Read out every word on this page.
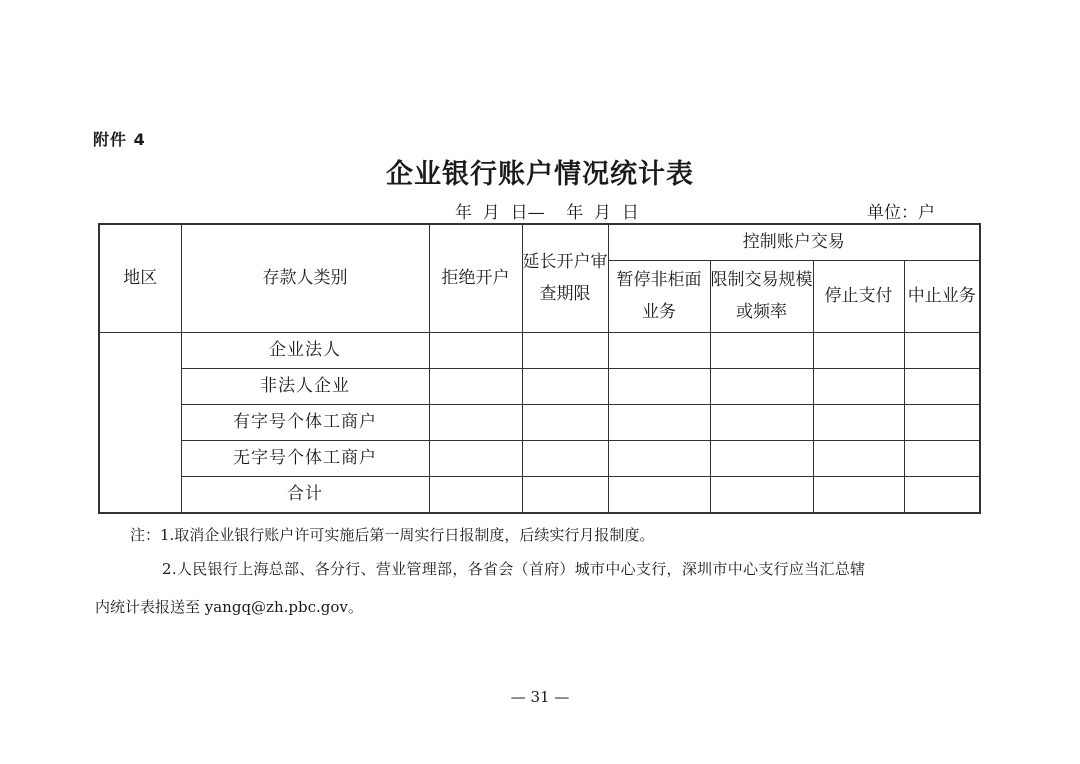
附件 4
企业银行账户情况统计表
年  月  日—    年  月  日	单位：户
地区	存款人类别	拒绝开户	延长开户审查期限	控制账户交易			
				暂停非柜面业务	限制交易规模或频率	停止支付	中止业务
	企业法人						
	非法人企业						
	有字号个体工商户						
	无字号个体工商户						
	合计						
注：1.取消企业银行账户许可实施后第一周实行日报制度，后续实行月报制度。
2.人民银行上海总部、各分行、营业管理部，各省会（首府）城市中心支行，深圳市中心支行应当汇总辖
内统计表报送至 yangq@zh.pbc.gov。
— 31 —
